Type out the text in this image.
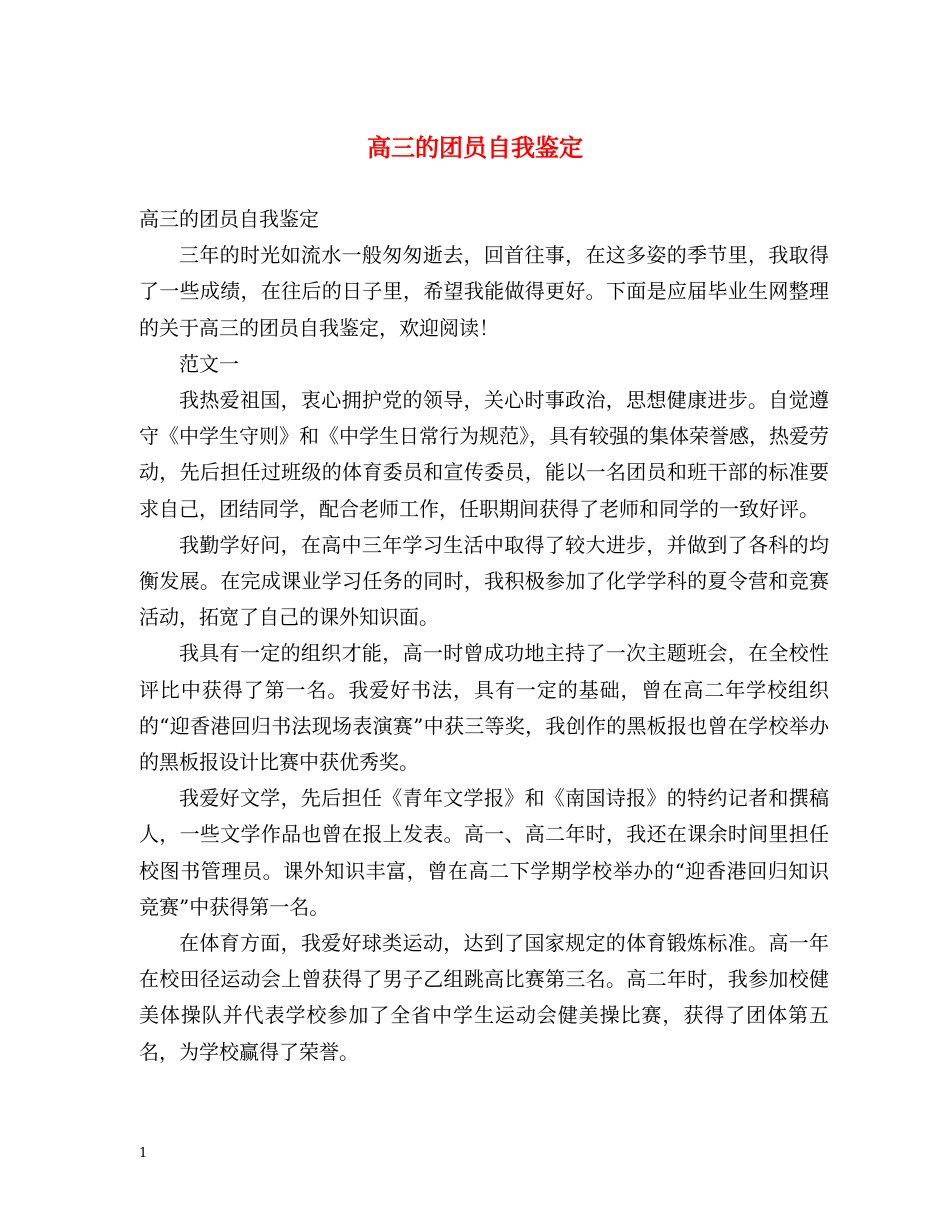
高三的团员自我鉴定

高三的团员自我鉴定

三年的时光如流水一般匆匆逝去，回首往事，在这多姿的季节里，我取得了一些成绩，在往后的日子里，希望我能做得更好。下面是应届毕业生网整理的关于高三的团员自我鉴定，欢迎阅读！

范文一

我热爱祖国，衷心拥护党的领导，关心时事政治，思想健康进步。自觉遵守《中学生守则》和《中学生日常行为规范》，具有较强的集体荣誉感，热爱劳动，先后担任过班级的体育委员和宣传委员，能以一名团员和班干部的标准要求自己，团结同学，配合老师工作，任职期间获得了老师和同学的一致好评。

我勤学好问，在高中三年学习生活中取得了较大进步，并做到了各科的均衡发展。在完成课业学习任务的同时，我积极参加了化学学科的夏令营和竞赛活动，拓宽了自己的课外知识面。

我具有一定的组织才能，高一时曾成功地主持了一次主题班会，在全校性评比中获得了第一名。我爱好书法，具有一定的基础，曾在高二年学校组织的“迎香港回归书法现场表演赛”中获三等奖，我创作的黑板报也曾在学校举办的黑板报设计比赛中获优秀奖。

我爱好文学，先后担任《青年文学报》和《南国诗报》的特约记者和撰稿人，一些文学作品也曾在报上发表。高一、高二年时，我还在课余时间里担任校图书管理员。课外知识丰富，曾在高二下学期学校举办的“迎香港回归知识竞赛”中获得第一名。

在体育方面，我爱好球类运动，达到了国家规定的体育锻炼标准。高一年在校田径运动会上曾获得了男子乙组跳高比赛第三名。高二年时，我参加校健美体操队并代表学校参加了全省中学生运动会健美操比赛，获得了团体第五名，为学校赢得了荣誉。

1
